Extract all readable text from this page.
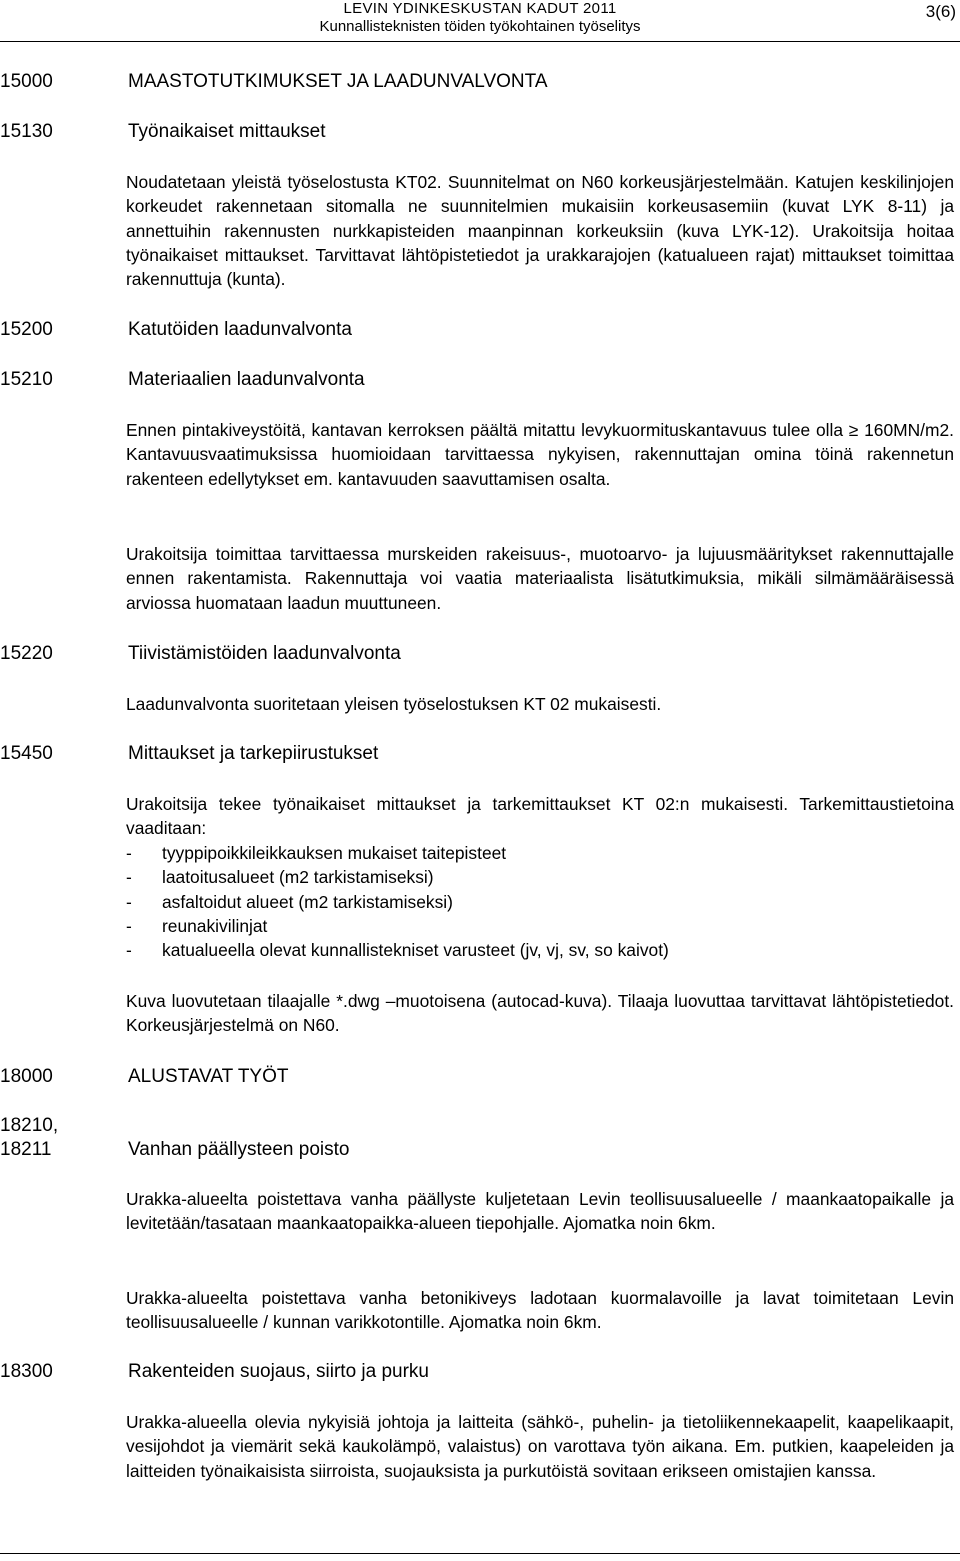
LEVIN YDINKESKUSTAN KADUT 2011
Kunnallisteknisten töiden työkohtainen työselitys
3(6)
15000	MAASTOTUTKIMUKSET JA LAADUNVALVONTA
15130	Työnaikaiset mittaukset
Noudatetaan yleistä työselostusta KT02. Suunnitelmat on N60 korkeusjärjestelmään. Katujen keskilinjojen korkeudet rakennetaan sitomalla ne suunnitelmien mukaisiin korkeusasemiin (kuvat LYK 8-11) ja annettuihin rakennusten nurkkapisteiden maanpinnan korkeuksiin (kuva LYK-12). Urakoitsija hoitaa työnaikaiset mittaukset. Tarvittavat lähtöpistetiedot ja urakkarajojen (katualueen rajat) mittaukset toimittaa rakennuttuja (kunta).
15200	Katutöiden laadunvalvonta
15210	Materiaalien laadunvalvonta
Ennen pintakiveystöitä, kantavan kerroksen päältä mitattu levykuormituskantavuus tulee olla ≥ 160MN/m2. Kantavuusvaatimuksissa huomioidaan tarvittaessa nykyisen, rakennuttajan omina töinä rakennetun rakenteen edellytykset em. kantavuuden saavuttamisen osalta.
Urakoitsija toimittaa tarvittaessa murskeiden rakeisuus-, muotoarvo- ja lujuusmääritykset rakennuttajalle ennen rakentamista. Rakennuttaja voi vaatia materiaalista lisätutkimuksia, mikäli silmämääräisessä arviossa huomataan laadun muuttuneen.
15220	Tiivistämistöiden laadunvalvonta
Laadunvalvonta suoritetaan yleisen työselostuksen KT 02 mukaisesti.
15450	Mittaukset ja tarkepiirustukset
Urakoitsija tekee työnaikaiset mittaukset ja tarkemittaukset KT 02:n mukaisesti. Tarkemittaustietoina vaaditaan:
- tyyppipoikkileikkauksen mukaiset taitepisteet
- laatoitusalueet (m2 tarkistamiseksi)
- asfaltoidut alueet (m2 tarkistamiseksi)
- reunakivilinjat
- katualueella olevat kunnallistekniset varusteet (jv, vj, sv, so kaivot)
Kuva luovutetaan tilaajalle *.dwg –muotoisena (autocad-kuva). Tilaaja luovuttaa tarvittavat lähtöpistetiedot. Korkeusjärjestelmä on N60.
18000	ALUSTAVAT TYÖT
18210,
18211	Vanhan päällysteen poisto
Urakka-alueelta poistettava vanha päällyste kuljetetaan Levin teollisuusalueelle / maankaatopaikalle ja levitetään/tasataan maankaatopaikka-alueen tiepohjalle. Ajomatka noin 6km.
Urakka-alueelta poistettava vanha betonikiveys ladotaan kuormalavoille ja lavat toimitetaan Levin teollisuusalueelle / kunnan varikkotontille. Ajomatka noin 6km.
18300	Rakenteiden suojaus, siirto ja purku
Urakka-alueella olevia nykyisiä johtoja ja laitteita (sähkö-, puhelin- ja tietoliikennekaapelit, kaapelikaapit, vesijohdot ja viemärit sekä kaukolämpö, valaistus) on varottava työn aikana. Em. putkien, kaapeleiden ja laitteiden työnaikaisista siirroista, suojauksista ja purkutöistä sovitaan erikseen omistajien kanssa.
